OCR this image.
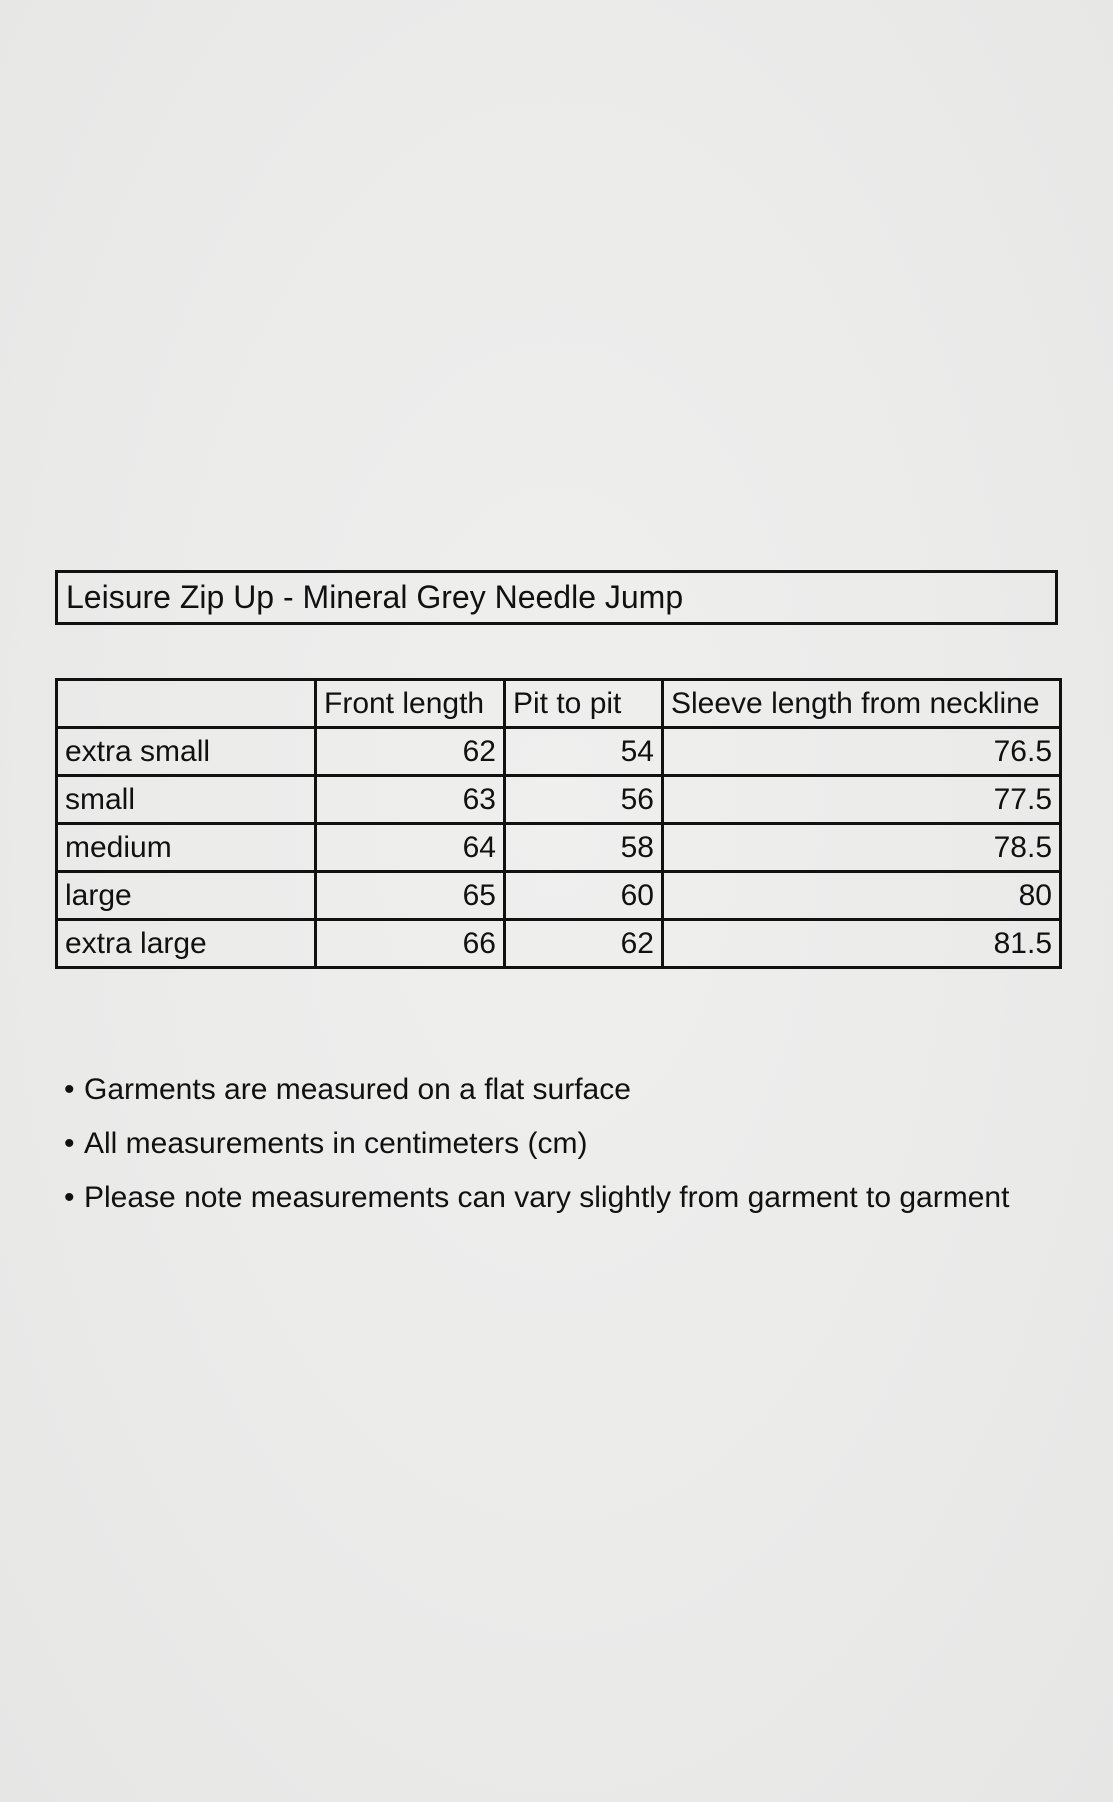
Leisure Zip Up - Mineral Grey Needle Jump
	Front length	Pit to pit	Sleeve length from neckline
extra small	62	54	76.5
small	63	56	77.5
medium	64	58	78.5
large	65	60	80
extra large	66	62	81.5
• Garments are measured on a flat surface
• All measurements in centimeters (cm)
• Please note measurements can vary slightly from garment to garment
